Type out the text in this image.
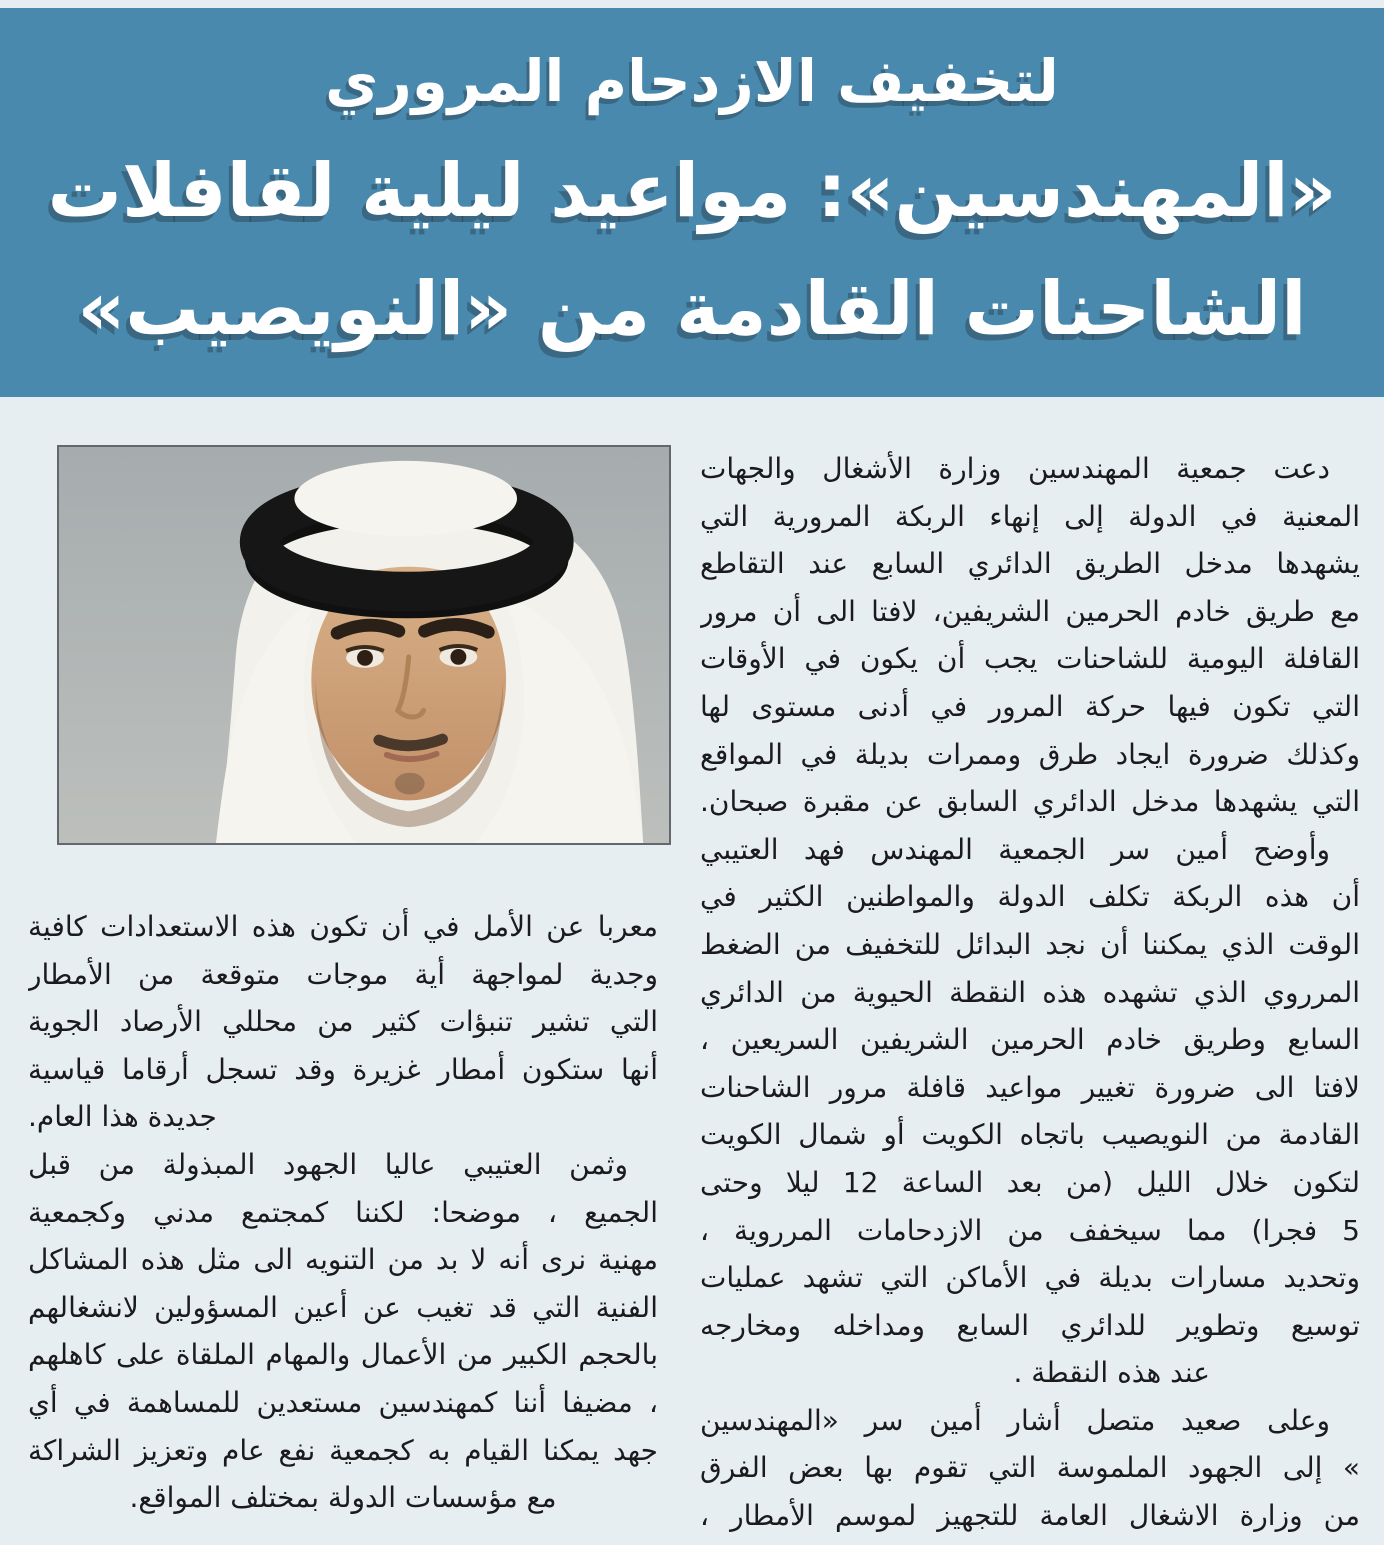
لتخفيف الازدحام المروري
«المهندسين»: مواعيد ليلية لقافلات
الشاحنات القادمة من «النويصيب»
دعت جمعية المهندسين وزارة الأشغال والجهات
المعنية في الدولة إلى إنهاء الربكة المرورية التي
يشهدها مدخل الطريق الدائري السابع عند التقاطع
مع طريق خادم الحرمين الشريفين، لافتا الى أن مرور
القافلة اليومية للشاحنات يجب أن يكون في الأوقات
التي تكون فيها حركة المرور في أدنى مستوى لها
وكذلك ضرورة ايجاد طرق وممرات بديلة في المواقع
التي يشهدها مدخل الدائري السابق عن مقبرة صبحان.
وأوضح أمين سر الجمعية المهندس فهد العتيبي
أن هذه الربكة تكلف الدولة والمواطنين الكثير في
الوقت الذي يمكننا أن نجد البدائل للتخفيف من الضغط
المرروي الذي تشهده هذه النقطة الحيوية من الدائري
السابع وطريق خادم الحرمين الشريفين السريعين ،
لافتا الى ضرورة تغيير مواعيد قافلة مرور الشاحنات
القادمة من النويصيب باتجاه الكويت أو شمال الكويت
لتكون خلال الليل (من بعد الساعة 12 ليلا وحتى
5 فجرا) مما سيخفف من الازدحامات المرروية ،
وتحديد مسارات بديلة في الأماكن التي تشهد عمليات
توسيع وتطوير للدائري السابع ومداخله ومخارجه
عند هذه النقطة .
وعلى صعيد متصل أشار أمين سر «المهندسين
» إلى الجهود الملموسة التي تقوم بها بعض الفرق
من وزارة الاشغال العامة للتجهيز لموسم الأمطار ،
معربا عن الأمل في أن تكون هذه الاستعدادات كافية
وجدية لمواجهة أية موجات متوقعة من الأمطار
التي تشير تنبؤات كثير من محللي الأرصاد الجوية
أنها ستكون أمطار غزيرة وقد تسجل أرقاما قياسية
جديدة هذا العام.
وثمن العتيبي عاليا الجهود المبذولة من قبل
الجميع ، موضحا: لكننا كمجتمع مدني وكجمعية
مهنية نرى أنه لا بد من التنويه الى مثل هذه المشاكل
الفنية التي قد تغيب عن أعين المسؤولين لانشغالهم
بالحجم الكبير من الأعمال والمهام الملقاة على كاهلهم
، مضيفا أننا كمهندسين مستعدين للمساهمة في أي
جهد يمكنا القيام به كجمعية نفع عام وتعزيز الشراكة
مع مؤسسات الدولة بمختلف المواقع.
